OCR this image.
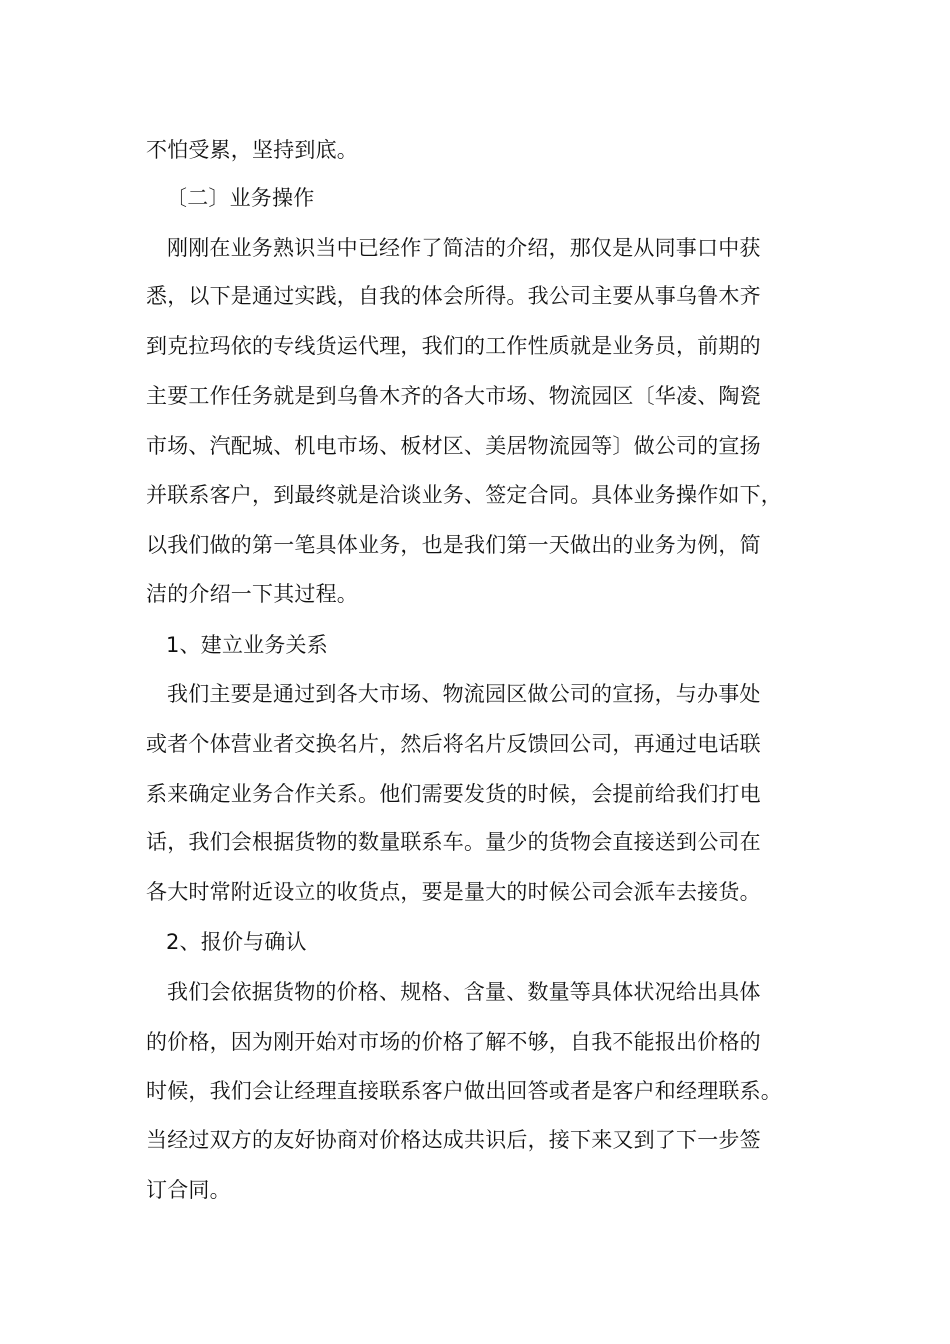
不怕受累，坚持到底。
〔二〕业务操作
刚刚在业务熟识当中已经作了简洁的介绍，那仅是从同事口中获
悉，以下是通过实践，自我的体会所得。我公司主要从事乌鲁木齐
到克拉玛依的专线货运代理，我们的工作性质就是业务员，前期的
主要工作任务就是到乌鲁木齐的各大市场、物流园区〔华凌、陶瓷
市场、汽配城、机电市场、板材区、美居物流园等〕做公司的宣扬
并联系客户，到最终就是洽谈业务、签定合同。具体业务操作如下，
以我们做的第一笔具体业务，也是我们第一天做出的业务为例，简
洁的介绍一下其过程。
1、建立业务关系
我们主要是通过到各大市场、物流园区做公司的宣扬，与办事处
或者个体营业者交换名片，然后将名片反馈回公司，再通过电话联
系来确定业务合作关系。他们需要发货的时候，会提前给我们打电
话，我们会根据货物的数量联系车。量少的货物会直接送到公司在
各大时常附近设立的收货点，要是量大的时候公司会派车去接货。
2、报价与确认
我们会依据货物的价格、规格、含量、数量等具体状况给出具体
的价格，因为刚开始对市场的价格了解不够，自我不能报出价格的
时候，我们会让经理直接联系客户做出回答或者是客户和经理联系。
当经过双方的友好协商对价格达成共识后，接下来又到了下一步签
订合同。
